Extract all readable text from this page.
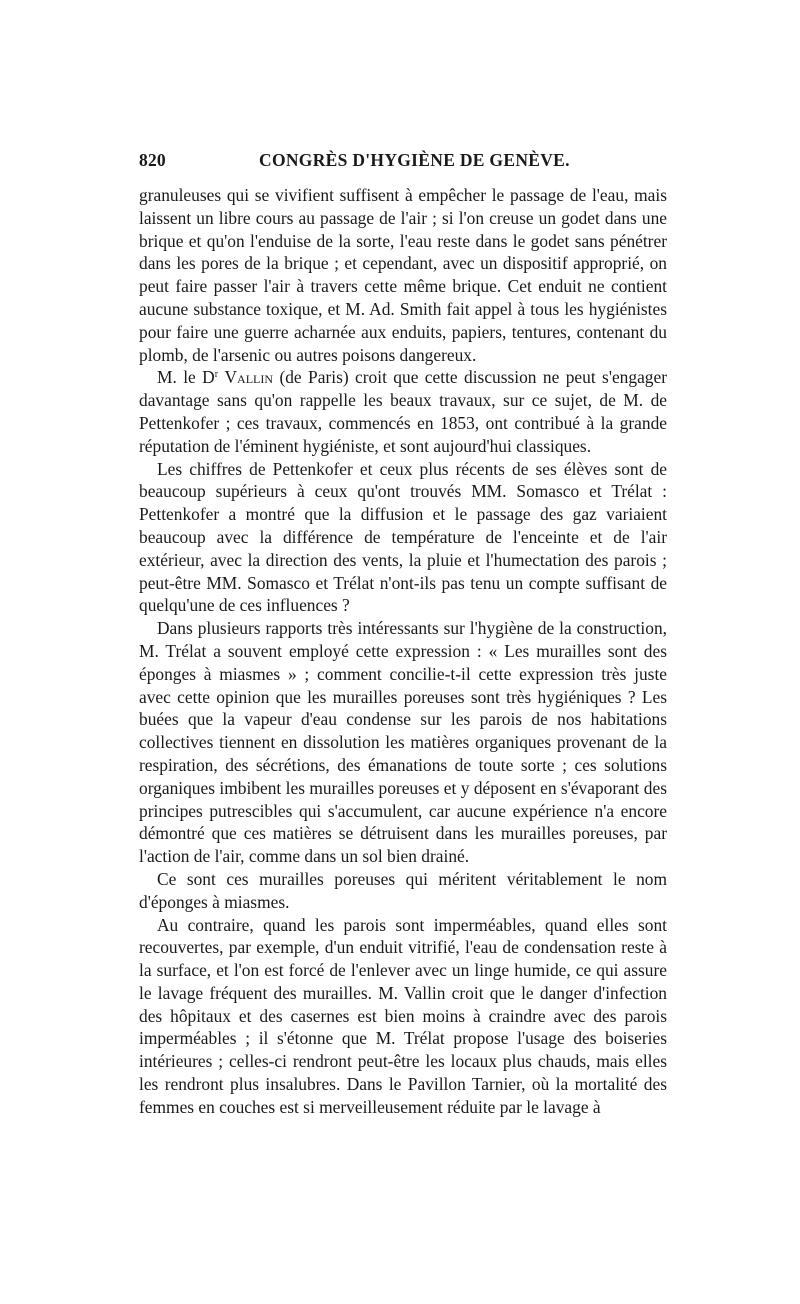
820	CONGRÈS D'HYGIÈNE DE GENÈVE.

granuleuses qui se vivifient suffisent à empêcher le passage de l'eau, mais laissent un libre cours au passage de l'air ; si l'on creuse un godet dans une brique et qu'on l'enduise de la sorte, l'eau reste dans le godet sans pénétrer dans les pores de la brique ; et cependant, avec un dispositif approprié, on peut faire passer l'air à travers cette même brique. Cet enduit ne contient aucune substance toxique, et M. Ad. Smith fait appel à tous les hygiénistes pour faire une guerre acharnée aux enduits, papiers, tentures, contenant du plomb, de l'arsenic ou autres poisons dangereux.

M. le $D^r$ Vallin (de Paris) croit que cette discussion ne peut s'engager davantage sans qu'on rappelle les beaux travaux, sur ce sujet, de M. de Pettenkofer ; ces travaux, commencés en 1853, ont contribué à la grande réputation de l'éminent hygiéniste, et sont aujourd'hui classiques.

Les chiffres de Pettenkofer et ceux plus récents de ses élèves sont de beaucoup supérieurs à ceux qu'ont trouvés MM. Somasco et Trélat : Pettenkofer a montré que la diffusion et le passage des gaz variaient beaucoup avec la différence de température de l'enceinte et de l'air extérieur, avec la direction des vents, la pluie et l'humectation des parois ; peut-être MM. Somasco et Trélat n'ont-ils pas tenu un compte suffisant de quelqu'une de ces influences ?

Dans plusieurs rapports très intéressants sur l'hygiène de la construction, M. Trélat a souvent employé cette expression : « Les murailles sont des éponges à miasmes » ; comment concilie-t-il cette expression très juste avec cette opinion que les murailles poreuses sont très hygiéniques ? Les buées que la vapeur d'eau condense sur les parois de nos habitations collectives tiennent en dissolution les matières organiques provenant de la respiration, des sécrétions, des émanations de toute sorte ; ces solutions organiques imbibent les murailles poreuses et y déposent en s'évaporant des principes putrescibles qui s'accumulent, car aucune expérience n'a encore démontré que ces matières se détruisent dans les murailles poreuses, par l'action de l'air, comme dans un sol bien drainé.

Ce sont ces murailles poreuses qui méritent véritablement le nom d'éponges à miasmes.

Au contraire, quand les parois sont imperméables, quand elles sont recouvertes, par exemple, d'un enduit vitrifié, l'eau de condensation reste à la surface, et l'on est forcé de l'enlever avec un linge humide, ce qui assure le lavage fréquent des murailles. M. Vallin croit que le danger d'infection des hôpitaux et des casernes est bien moins à craindre avec des parois imperméables ; il s'étonne que M. Trélat propose l'usage des boiseries intérieures ; celles-ci rendront peut-être les locaux plus chauds, mais elles les rendront plus insalubres. Dans le Pavillon Tarnier, où la mortalité des femmes en couches est si merveilleusement réduite par le lavage à
